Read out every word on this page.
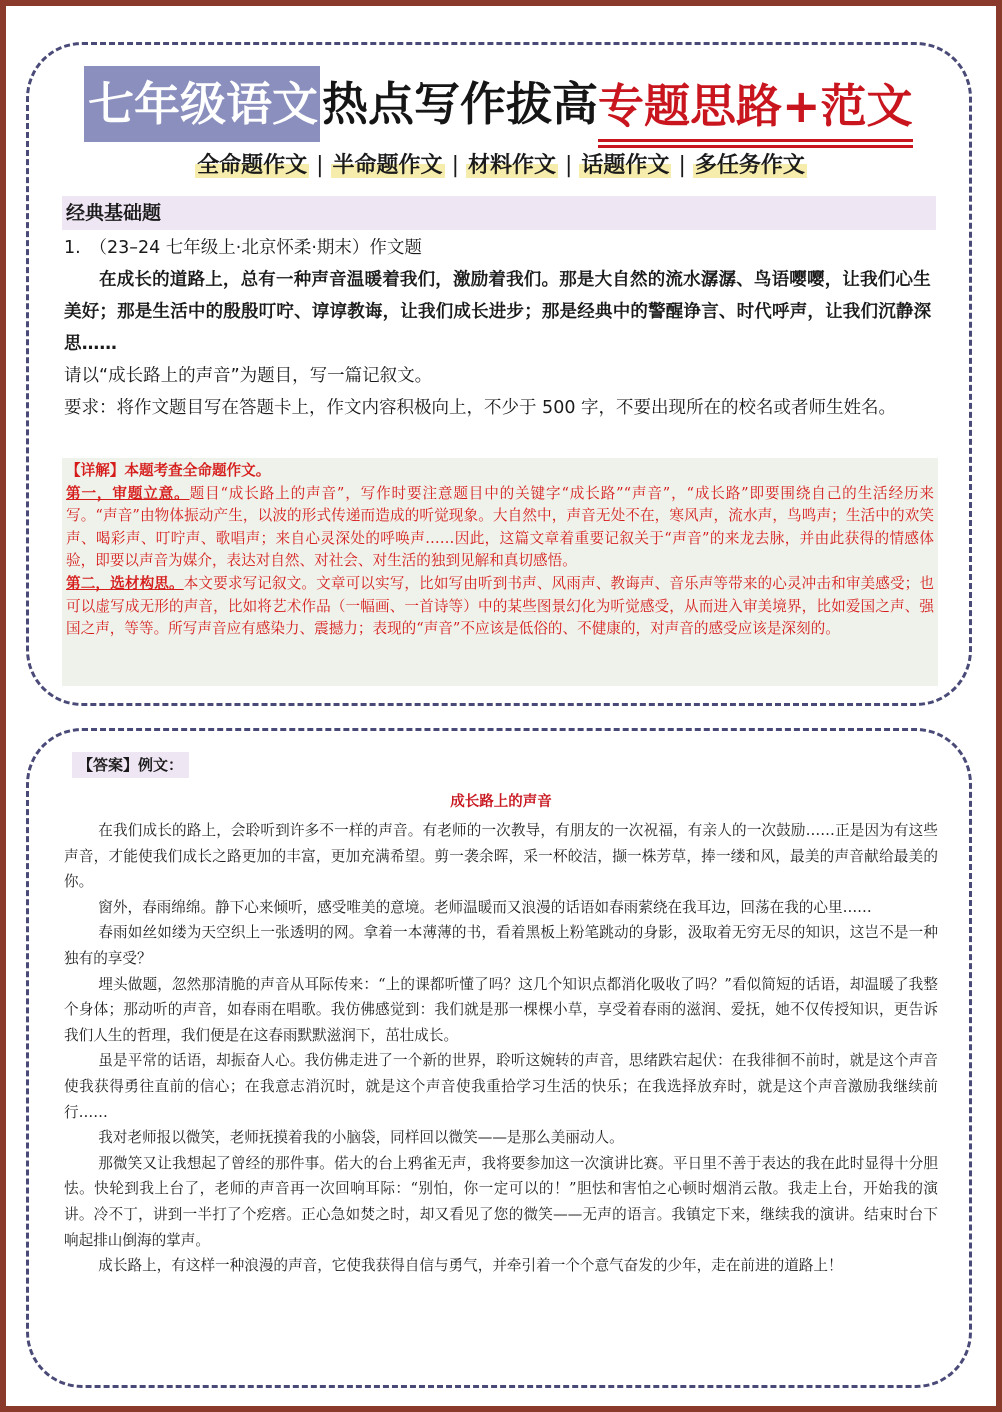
七年级语文 热点写作拔高 专题思路+范文
全命题作文 | 半命题作文 | 材料作文 | 话题作文 | 多任务作文
经典基础题

1.　（23–24 七年级上·北京怀柔·期末）作文题

在成长的道路上，总有一种声音温暖着我们，激励着我们。那是大自然的流水潺潺、鸟语嘤嘤，让我们心生美好；那是生活中的殷殷叮咛、谆谆教诲，让我们成长进步；那是经典中的警醒诤言、时代呼声，让我们沉静深思……

请以“成长路上的声音”为题目，写一篇记叙文。

要求：将作文题目写在答题卡上，作文内容积极向上，不少于 500 字，不要出现所在的校名或者师生姓名。

【详解】本题考查全命题作文。

第一，审题立意。题目“成长路上的声音”，写作时要注意题目中的关键字“成长路”“声音”，“成长路”即要围绕自己的生活经历来写。“声音”由物体振动产生，以波的形式传递而造成的听觉现象。大自然中，声音无处不在，寒风声，流水声，鸟鸣声；生活中的欢笑声、喝彩声、叮咛声、歌唱声；来自心灵深处的呼唤声……因此，这篇文章着重要记叙关于“声音”的来龙去脉，并由此获得的情感体验，即要以声音为媒介，表达对自然、对社会、对生活的独到见解和真切感悟。

第二，选材构思。本文要求写记叙文。文章可以实写，比如写由听到书声、风雨声、教诲声、音乐声等带来的心灵冲击和审美感受；也可以虚写成无形的声音，比如将艺术作品（一幅画、一首诗等）中的某些图景幻化为听觉感受，从而进入审美境界，比如爱国之声、强国之声，等等。所写声音应有感染力、震撼力；表现的“声音”不应该是低俗的、不健康的，对声音的感受应该是深刻的。

【答案】例文：
成长路上的声音

在我们成长的路上，会聆听到许多不一样的声音。有老师的一次教导，有朋友的一次祝福，有亲人的一次鼓励……正是因为有这些声音，才能使我们成长之路更加的丰富，更加充满希望。剪一袭余晖，采一杯皎洁，撷一株芳草，捧一缕和风，最美的声音献给最美的你。

窗外，春雨绵绵。静下心来倾听，感受唯美的意境。老师温暖而又浪漫的话语如春雨萦绕在我耳边，回荡在我的心里……

春雨如丝如缕为天空织上一张透明的网。拿着一本薄薄的书，看着黑板上粉笔跳动的身影，汲取着无穷无尽的知识，这岂不是一种独有的享受？

埋头做题，忽然那清脆的声音从耳际传来：“上的课都听懂了吗？这几个知识点都消化吸收了吗？”看似简短的话语，却温暖了我整个身体；那动听的声音，如春雨在唱歌。我仿佛感觉到：我们就是那一棵棵小草，享受着春雨的滋润、爱抚，她不仅传授知识，更告诉我们人生的哲理，我们便是在这春雨默默滋润下，茁壮成长。

虽是平常的话语，却振奋人心。我仿佛走进了一个新的世界，聆听这婉转的声音，思绪跌宕起伏：在我徘徊不前时，就是这个声音使我获得勇往直前的信心；在我意志消沉时，就是这个声音使我重拾学习生活的快乐；在我选择放弃时，就是这个声音激励我继续前行……

我对老师报以微笑，老师抚摸着我的小脑袋，同样回以微笑——是那么美丽动人。

那微笑又让我想起了曾经的那件事。偌大的台上鸦雀无声，我将要参加这一次演讲比赛。平日里不善于表达的我在此时显得十分胆怯。快轮到我上台了，老师的声音再一次回响耳际：“别怕，你一定可以的！”胆怯和害怕之心顿时烟消云散。我走上台，开始我的演讲。冷不丁，讲到一半打了个疙瘩。正心急如焚之时，却又看见了您的微笑——无声的语言。我镇定下来，继续我的演讲。结束时台下响起排山倒海的掌声。

成长路上，有这样一种浪漫的声音，它使我获得自信与勇气，并牵引着一个个意气奋发的少年，走在前进的道路上！
